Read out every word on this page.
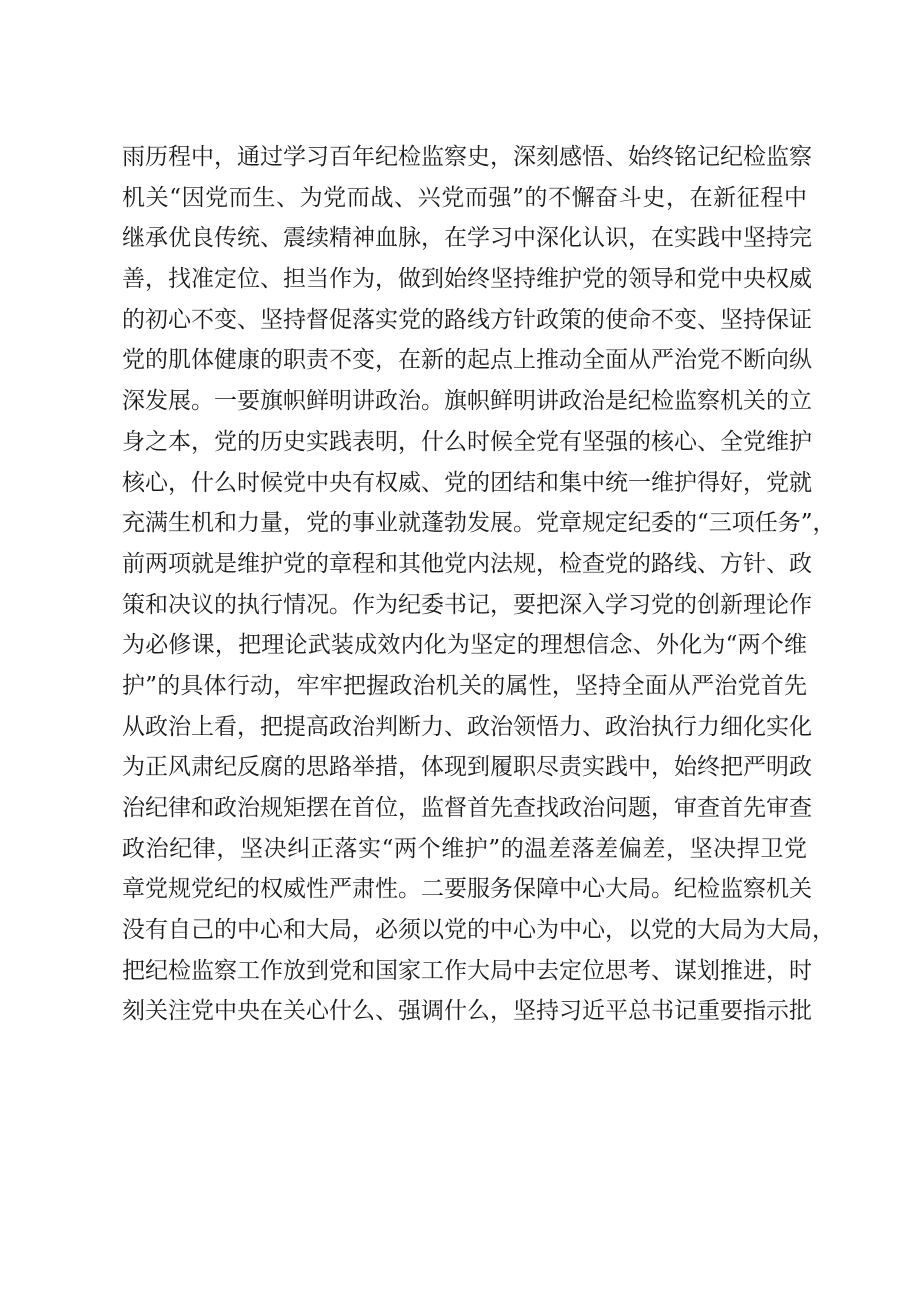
雨历程中，通过学习百年纪检监察史，深刻感悟、始终铭记纪检监察
机关“因党而生、为党而战、兴党而强”的不懈奋斗史，在新征程中
继承优良传统、震续精神血脉，在学习中深化认识，在实践中坚持完
善，找准定位、担当作为，做到始终坚持维护党的领导和党中央权威
的初心不变、坚持督促落实党的路线方针政策的使命不变、坚持保证
党的肌体健康的职责不变，在新的起点上推动全面从严治党不断向纵
深发展。一要旗帜鲜明讲政治。旗帜鲜明讲政治是纪检监察机关的立
身之本，党的历史实践表明，什么时候全党有坚强的核心、全党维护
核心，什么时候党中央有权威、党的团结和集中统一维护得好，党就
充满生机和力量，党的事业就蓬勃发展。党章规定纪委的“三项任务”，
前两项就是维护党的章程和其他党内法规，检查党的路线、方针、政
策和决议的执行情况。作为纪委书记，要把深入学习党的创新理论作
为必修课，把理论武装成效内化为坚定的理想信念、外化为“两个维
护”的具体行动，牢牢把握政治机关的属性，坚持全面从严治党首先
从政治上看，把提高政治判断力、政治领悟力、政治执行力细化实化
为正风肃纪反腐的思路举措，体现到履职尽责实践中，始终把严明政
治纪律和政治规矩摆在首位，监督首先查找政治问题，审查首先审查
政治纪律，坚决纠正落实“两个维护”的温差落差偏差，坚决捍卫党
章党规党纪的权威性严肃性。二要服务保障中心大局。纪检监察机关
没有自己的中心和大局，必须以党的中心为中心，以党的大局为大局，
把纪检监察工作放到党和国家工作大局中去定位思考、谋划推进，时
刻关注党中央在关心什么、强调什么，坚持习近平总书记重要指示批
